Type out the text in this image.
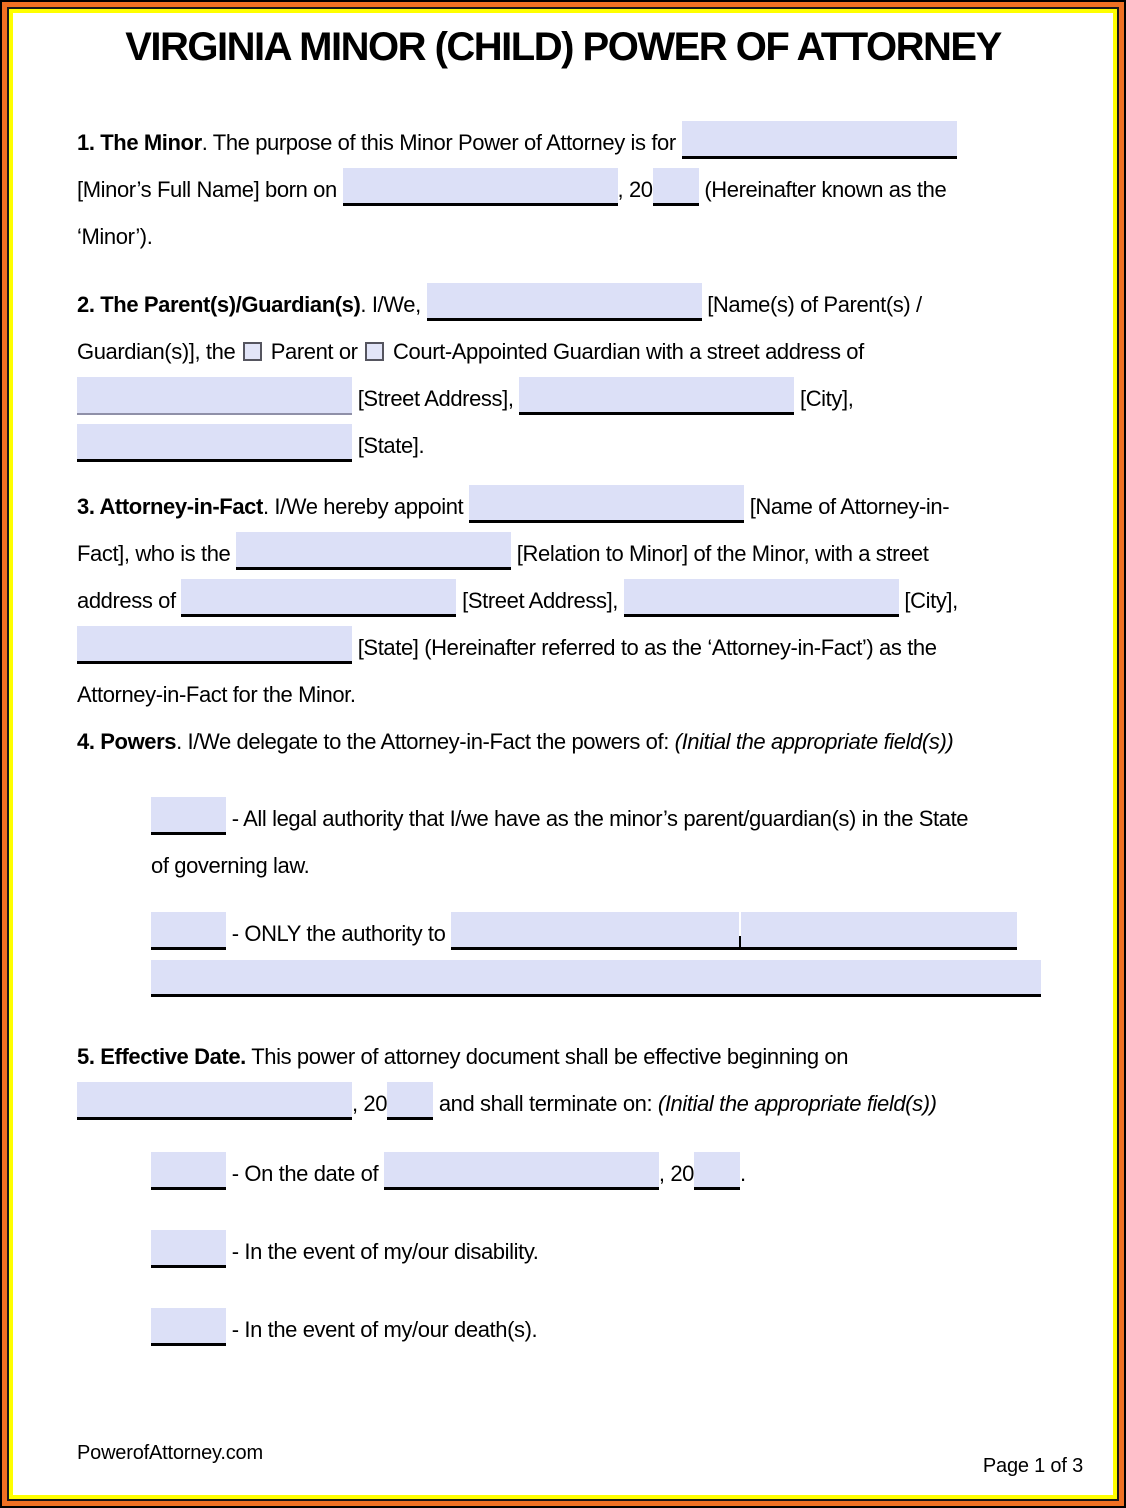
VIRGINIA MINOR (CHILD) POWER OF ATTORNEY
1. The Minor. The purpose of this Minor Power of Attorney is for
[Minor’s Full Name] born on	, 20 (Hereinafter known as the
‘Minor’).
2. The Parent(s)/Guardian(s). I/We,	[Name(s) of Parent(s) /
Guardian(s)], the  Parent or  Court-Appointed Guardian with a street address of
[Street Address],	[City],
[State].
3. Attorney-in-Fact. I/We hereby appoint	[Name of Attorney-in-
Fact], who is the	[Relation to Minor] of the Minor, with a street
address of	[Street Address],	[City],
[State] (Hereinafter referred to as the ‘Attorney-in-Fact’) as the
Attorney-in-Fact for the Minor.
4. Powers. I/We delegate to the Attorney-in-Fact the powers of: (Initial the appropriate field(s))
- All legal authority that I/we have as the minor’s parent/guardian(s) in the State
of governing law.
- ONLY the authority to
5. Effective Date. This power of attorney document shall be effective beginning on
, 20 and shall terminate on: (Initial the appropriate field(s))
- On the date of	, 20 .
- In the event of my/our disability.
- In the event of my/our death(s).
PowerofAttorney.com
Page 1 of 3
